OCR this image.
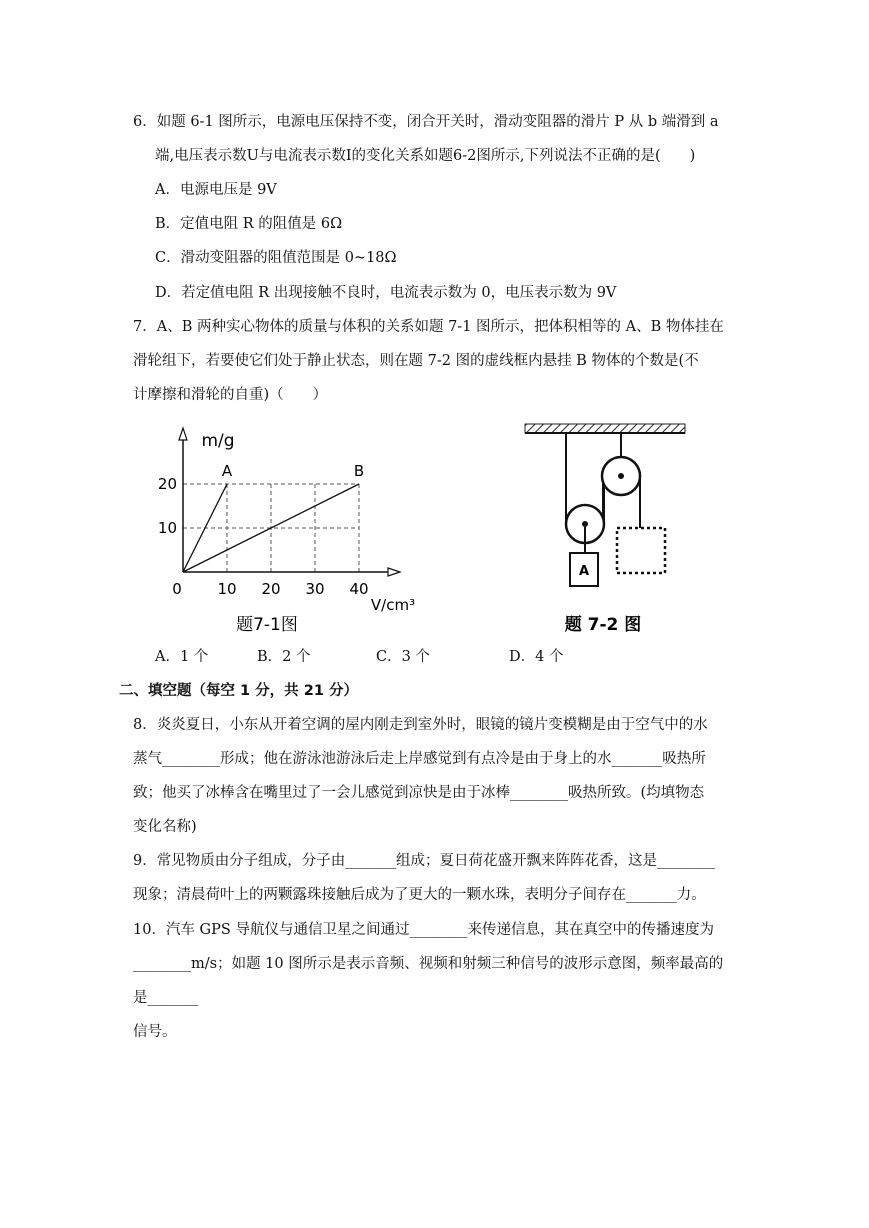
6．如题 6-1 图所示，电源电压保持不变，闭合开关时，滑动变阻器的滑片 P 从 b 端滑到 a
端,电压表示数U与电流表示数I的变化关系如题6-2图所示,下列说法不正确的是(　　)
A．电源电压是 9V
B．定值电阻 R 的阻值是 6Ω
C．滑动变阻器的阻值范围是 0~18Ω
D．若定值电阻 R 出现接触不良时，电流表示数为 0，电压表示数为 9V
7．A、B 两种实心物体的质量与体积的关系如题 7-1 图所示，把体积相等的 A、B 物体挂在
滑轮组下，若要使它们处于静止状态，则在题 7-2 图的虚线框内悬挂 B 物体的个数是(不
计摩擦和滑轮的自重)（　　）
0 10 20 30 40
10
20
m/g
V/cm³
A	B
题7-1图
A
题 7-2 图
A．1 个	B．2 个	C．3 个	D．4 个
二、填空题（每空 1 分，共 21 分）
8．炎炎夏日，小东从开着空调的屋内刚走到室外时，眼镜的镜片变模糊是由于空气中的水
蒸气________形成；他在游泳池游泳后走上岸感觉到有点冷是由于身上的水_______吸热所
致；他买了冰棒含在嘴里过了一会儿感觉到凉快是由于冰棒________吸热所致。(均填物态
变化名称)
9．常见物质由分子组成，分子由_______组成；夏日荷花盛开飘来阵阵花香，这是________
现象；清晨荷叶上的两颗露珠接触后成为了更大的一颗水珠，表明分子间存在_______力。
10．汽车 GPS 导航仪与通信卫星之间通过________来传递信息，其在真空中的传播速度为
________m/s；如题 10 图所示是表示音频、视频和射频三种信号的波形示意图，频率最高的
是_______
信号。
